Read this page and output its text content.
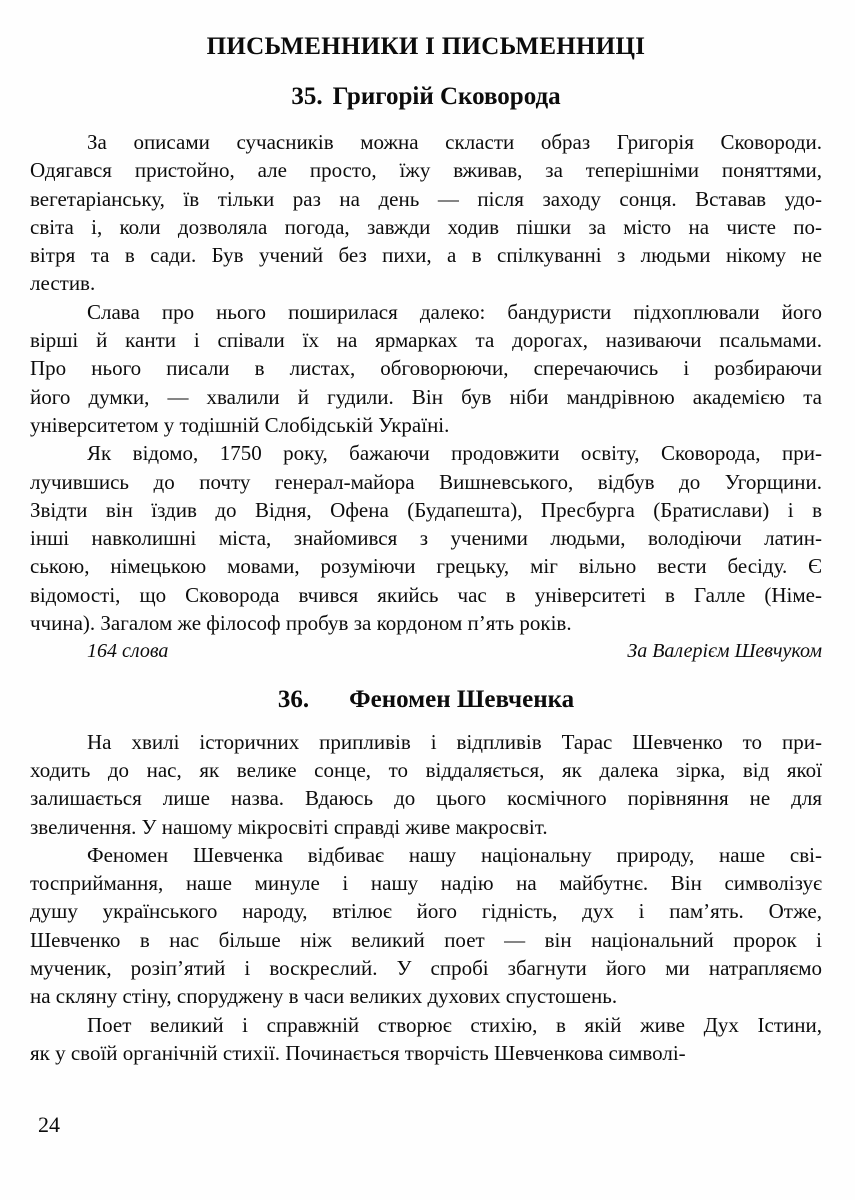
ПИСЬМЕННИКИ І ПИСЬМЕННИЦІ
35. Григорій Сковорода
За описами сучасників можна скласти образ Григорія Сковороди.
Одягався пристойно, але просто, їжу вживав, за теперішніми поняттями,
вегетаріанську, їв тільки раз на день — після заходу сонця. Вставав удо-
світа і, коли дозволяла погода, завжди ходив пішки за місто на чисте по-
вітря та в сади. Був учений без пихи, а в спілкуванні з людьми нікому не
лестив.
Слава про нього поширилася далеко: бандуристи підхоплювали його
вірші й канти і співали їх на ярмарках та дорогах, називаючи псальмами.
Про нього писали в листах, обговорюючи, сперечаючись і розбираючи
його думки, — хвалили й гудили. Він був ніби мандрівною академією та
університетом у тодішній Слобідській Україні.
Як відомо, 1750 року, бажаючи продовжити освіту, Сковорода, при-
лучившись до почту генерал-майора Вишневського, відбув до Угорщини.
Звідти він їздив до Відня, Офена (Будапешта), Пресбурга (Братислави) і в
інші навколишні міста, знайомився з ученими людьми, володіючи латин-
ською, німецькою мовами, розуміючи грецьку, міг вільно вести бесіду. Є
відомості, що Сковорода вчився якийсь час в університеті в Галле (Німе-
ччина). Загалом же філософ пробув за кордоном п’ять років.
164 слова	За Валерієм Шевчуком
36. Феномен Шевченка
На хвилі історичних припливів і відпливів Тарас Шевченко то при-
ходить до нас, як велике сонце, то віддаляється, як далека зірка, від якої
залишається лише назва. Вдаюсь до цього космічного порівняння не для
звеличення. У нашому мікросвіті справді живе макросвіт.
Феномен Шевченка відбиває нашу національну природу, наше сві-
тосприймання, наше минуле і нашу надію на майбутнє. Він символізує
душу українського народу, втілює його гідність, дух і пам’ять. Отже,
Шевченко в нас більше ніж великий поет — він національний пророк і
мученик, розіп’ятий і воскреслий. У спробі збагнути його ми натрапляємо
на скляну стіну, споруджену в часи великих духових спустошень.
Поет великий і справжній створює стихію, в якій живе Дух Істини,
як у своїй органічній стихії. Починається творчість Шевченкова символі-
24
